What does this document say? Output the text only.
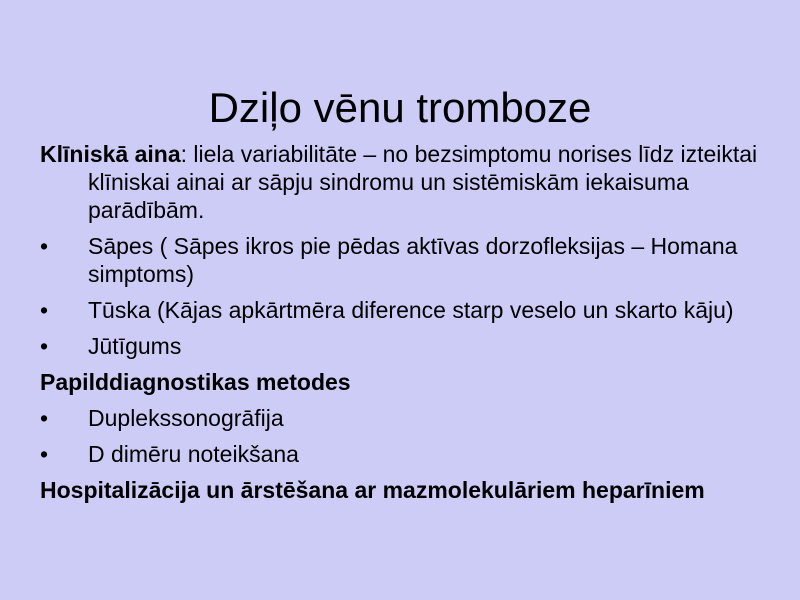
Dziļo vēnu tromboze

Klīniskā aina: liela variabilitāte – no bezsimptomu norises līdz izteiktai klīniskai ainai ar sāpju sindromu un sistēmiskām iekaisuma parādībām.

•	Sāpes ( Sāpes ikros pie pēdas aktīvas dorzofleksijas – Homana simptoms)
•	Tūska (Kājas apkārtmēra diference starp veselo un skarto kāju)
•	Jūtīgums

Papilddiagnostikas metodes

•	Duplekssonogrāfija
•	D dimēru noteikšana

Hospitalizācija un ārstēšana ar mazmolekulāriem heparīniem
